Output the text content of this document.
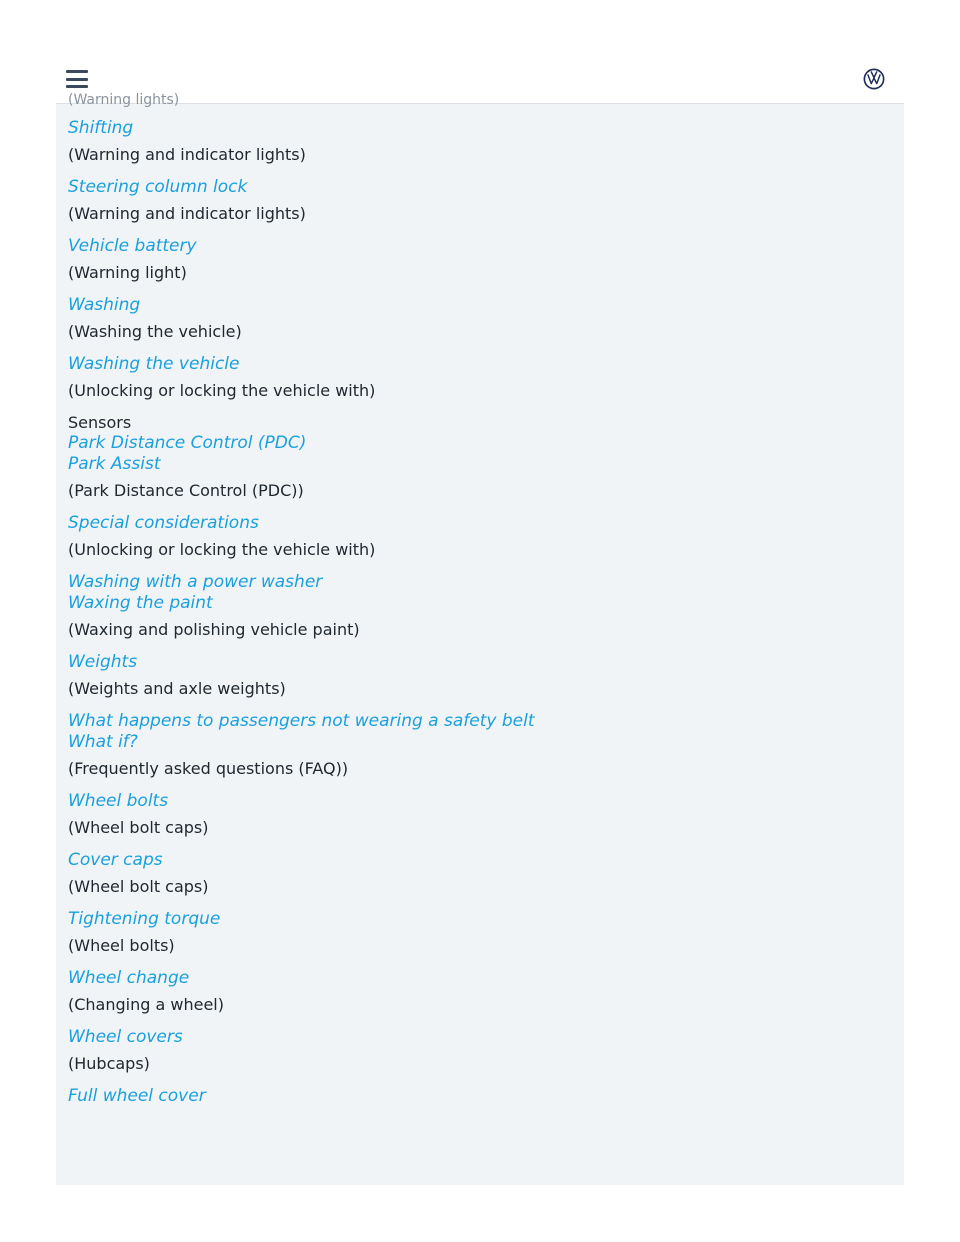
(Warning lights)
Shifting
(Warning and indicator lights)
Steering column lock
(Warning and indicator lights)
Vehicle battery
(Warning light)
Washing
(Washing the vehicle)
Washing the vehicle
(Unlocking or locking the vehicle with)
Sensors
Park Distance Control (PDC)
Park Assist
(Park Distance Control (PDC))
Special considerations
(Unlocking or locking the vehicle with)
Washing with a power washer
Waxing the paint
(Waxing and polishing vehicle paint)
Weights
(Weights and axle weights)
What happens to passengers not wearing a safety belt
What if?
(Frequently asked questions (FAQ))
Wheel bolts
(Wheel bolt caps)
Cover caps
(Wheel bolt caps)
Tightening torque
(Wheel bolts)
Wheel change
(Changing a wheel)
Wheel covers
(Hubcaps)
Full wheel cover
